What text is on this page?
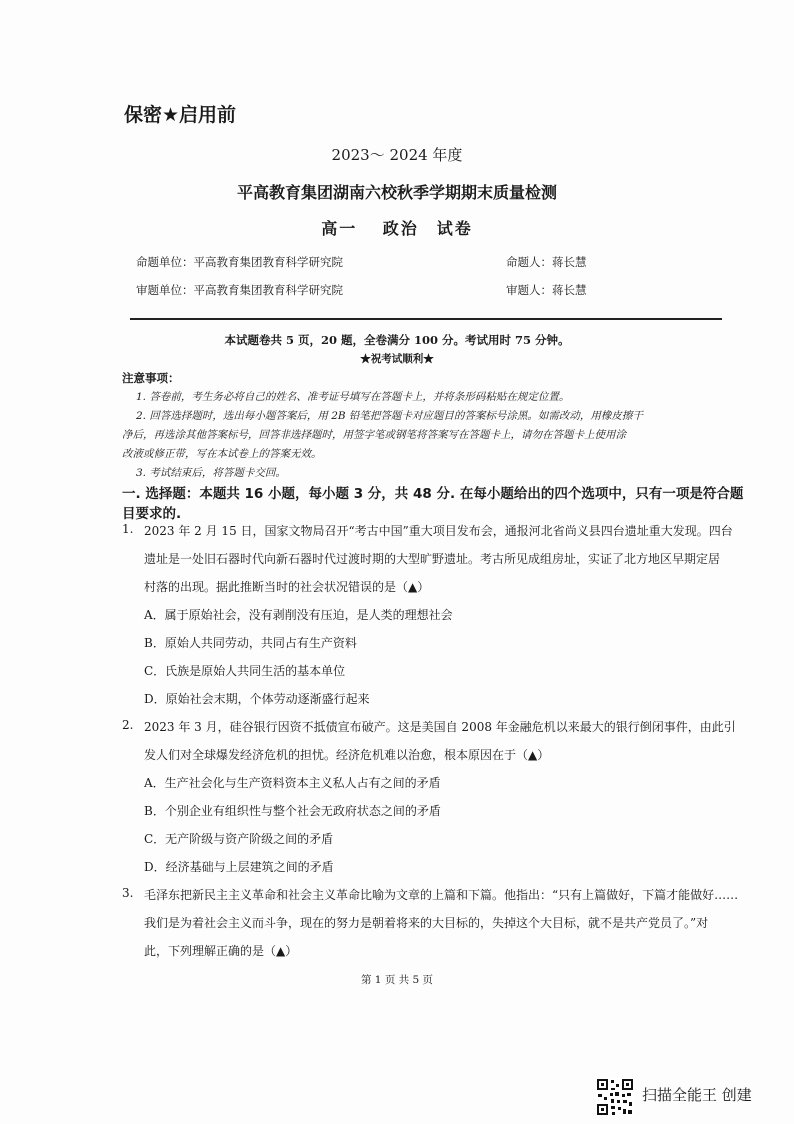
保密★启用前
2023～ 2024 年度
平高教育集团湖南六校秋季学期期末质量检测
高一　 政治　试卷
命题单位：平高教育集团教育科学研究院	命题人：蒋长慧
审题单位：平高教育集团教育科学研究院	审题人：蒋长慧
本试题卷共 5 页，20 题，全卷满分 100 分。考试用时 75 分钟。
★祝考试顺利★
注意事项：
1. 答卷前，考生务必将自己的姓名、准考证号填写在答题卡上，并将条形码粘贴在规定位置。
2. 回答选择题时，选出每小题答案后，用 2B 铅笔把答题卡对应题目的答案标号涂黑。如需改动，用橡皮擦干
净后，再选涂其他答案标号，回答非选择题时，用签字笔或钢笔将答案写在答题卡上，请勿在答题卡上使用涂
改液或修正带，写在本试卷上的答案无效。
3. 考试结束后，将答题卡交回。
一. 选择题：本题共 16 小题，每小题 3 分，共 48 分. 在每小题给出的四个选项中，只有一项是符合题
目要求的.
1. 2023 年 2 月 15 日，国家文物局召开“考古中国”重大项目发布会，通报河北省尚义县四台遗址重大发现。四台
遗址是一处旧石器时代向新石器时代过渡时期的大型旷野遗址。考古所见成组房址，实证了北方地区早期定居
村落的出现。据此推断当时的社会状况错误的是（▲）
A．属于原始社会，没有剥削没有压迫，是人类的理想社会
B．原始人共同劳动，共同占有生产资料
C．氏族是原始人共同生活的基本单位
D．原始社会末期，个体劳动逐渐盛行起来
2. 2023 年 3 月，硅谷银行因资不抵债宣布破产。这是美国自 2008 年金融危机以来最大的银行倒闭事件，由此引
发人们对全球爆发经济危机的担忧。经济危机难以治愈，根本原因在于（▲）
A．生产社会化与生产资料资本主义私人占有之间的矛盾
B．个别企业有组织性与整个社会无政府状态之间的矛盾
C．无产阶级与资产阶级之间的矛盾
D．经济基础与上层建筑之间的矛盾
3. 毛泽东把新民主主义革命和社会主义革命比喻为文章的上篇和下篇。他指出：“只有上篇做好，下篇才能做好……
我们是为着社会主义而斗争，现在的努力是朝着将来的大目标的，失掉这个大目标，就不是共产党员了。”对
此，下列理解正确的是（▲）
第 1 页 共 5 页
扫描全能王 创建
